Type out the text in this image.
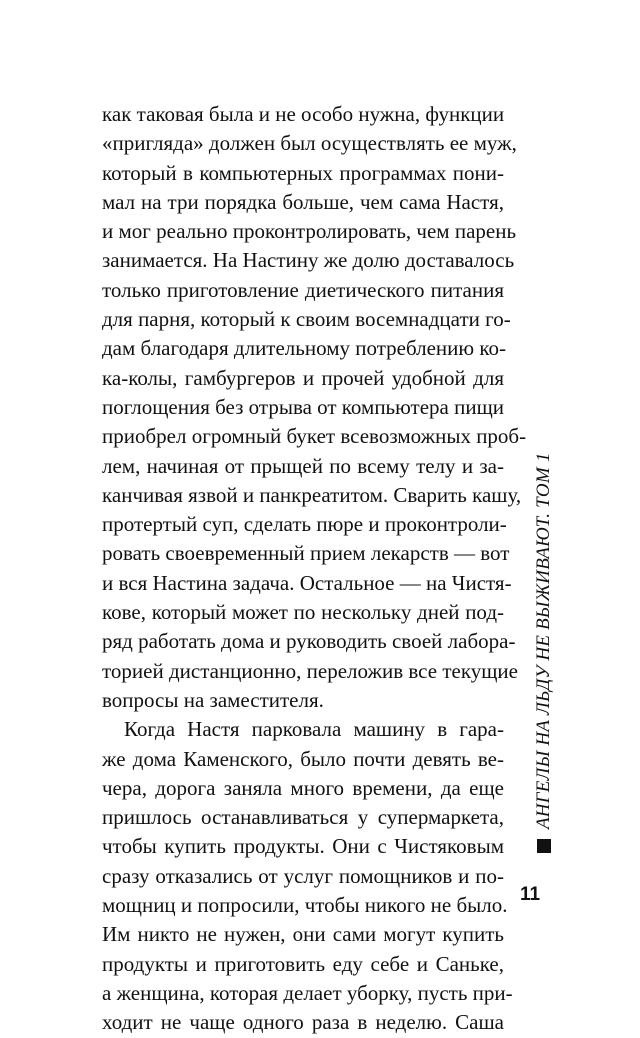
как таковая была и не особо нужна, функции
«пригляда» должен был осуществлять ее муж,
который в компьютерных программах пони-
мал на три порядка больше, чем сама Настя,
и мог реально проконтролировать, чем парень
занимается. На Настину же долю доставалось
только приготовление диетического питания
для парня, который к своим восемнадцати го-
дам благодаря длительному потреблению ко-
ка-колы, гамбургеров и прочей удобной для
поглощения без отрыва от компьютера пищи
приобрел огромный букет всевозможных проб-
лем, начиная от прыщей по всему телу и за-
канчивая язвой и панкреатитом. Сварить кашу,
протертый суп, сделать пюре и проконтроли-
ровать своевременный прием лекарств — вот
и вся Настина задача. Остальное — на Чистя-
кове, который может по нескольку дней под-
ряд работать дома и руководить своей лабора-
торией дистанционно, переложив все текущие
вопросы на заместителя.
Когда Настя парковала машину в гара-
же дома Каменского, было почти девять ве-
чера, дорога заняла много времени, да еще
пришлось останавливаться у супермаркета,
чтобы купить продукты. Они с Чистяковым
сразу отказались от услуг помощников и по-
мощниц и попросили, чтобы никого не было.
Им никто не нужен, они сами могут купить
продукты и приготовить еду себе и Саньке,
а женщина, которая делает уборку, пусть при-
ходит не чаще одного раза в неделю. Саша
АНГЕЛЫ НА ЛЬДУ НЕ ВЫЖИВАЮТ. ТОМ 1
11
